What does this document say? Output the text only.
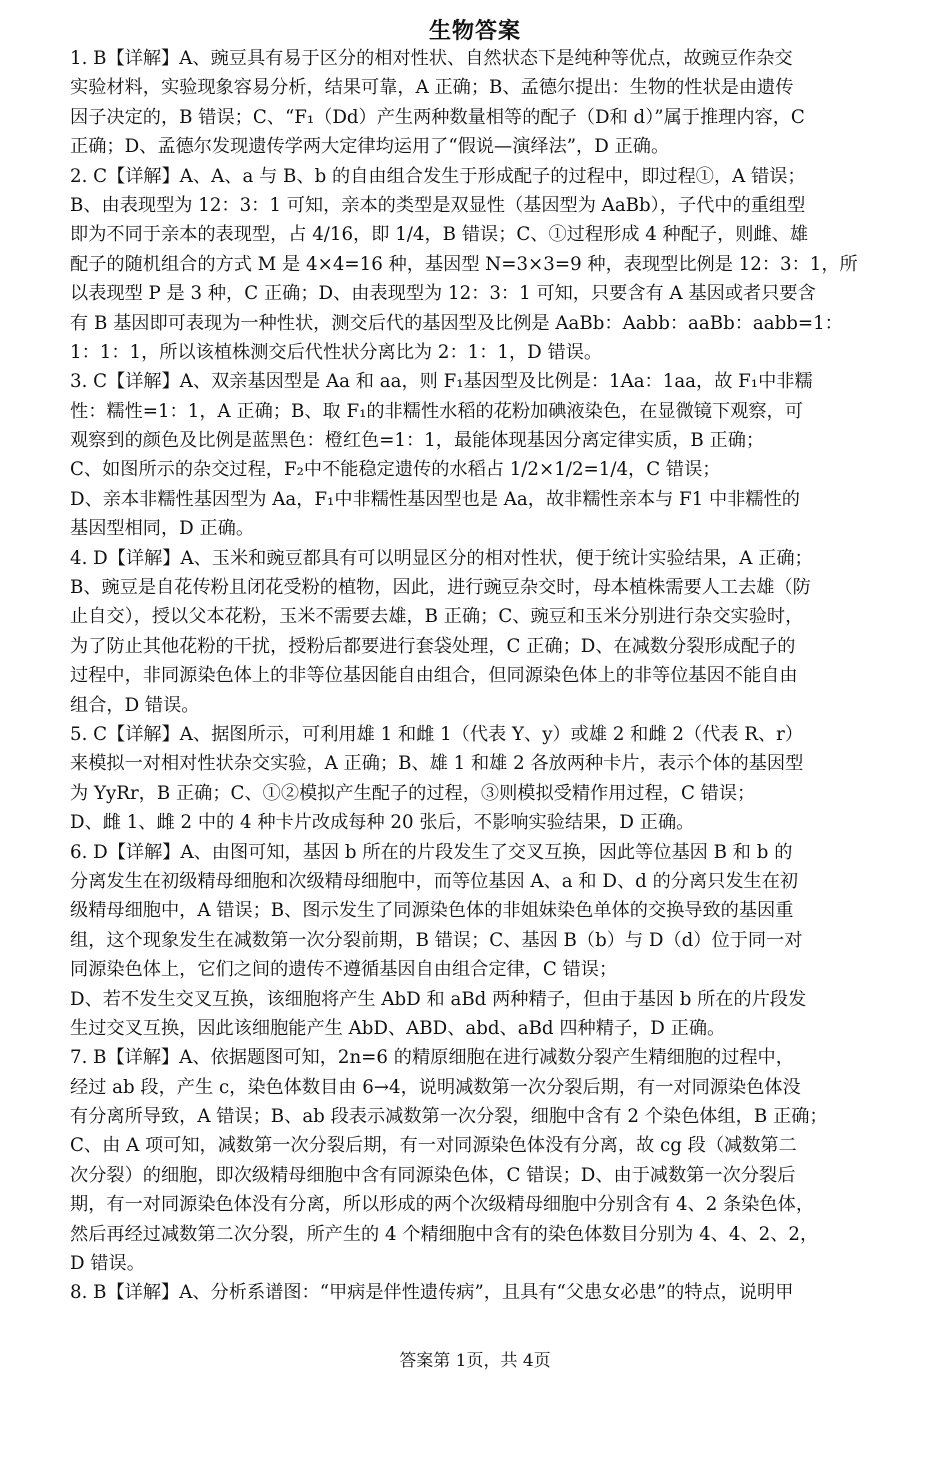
生物答案
1. B【详解】A、豌豆具有易于区分的相对性状、自然状态下是纯种等优点，故豌豆作杂交
实验材料，实验现象容易分析，结果可靠，A 正确；B、孟德尔提出：生物的性状是由遗传
因子决定的，B 错误；C、“F₁（Dd）产生两种数量相等的配子（D和 d）”属于推理内容，C
正确；D、孟德尔发现遗传学两大定律均运用了“假说—演绎法”，D 正确。
2. C【详解】A、A、a 与 B、b 的自由组合发生于形成配子的过程中，即过程①，A 错误；
B、由表现型为 12：3：1 可知，亲本的类型是双显性（基因型为 AaBb），子代中的重组型
即为不同于亲本的表现型，占 4/16，即 1/4，B 错误；C、①过程形成 4 种配子，则雌、雄
配子的随机组合的方式 M 是 4×4=16 种，基因型 N=3×3=9 种，表现型比例是 12：3：1，所
以表现型 P 是 3 种，C 正确；D、由表现型为 12：3：1 可知，只要含有 A 基因或者只要含
有 B 基因即可表现为一种性状，测交后代的基因型及比例是 AaBb：Aabb：aaBb：aabb=1：
1：1：1，所以该植株测交后代性状分离比为 2：1：1，D 错误。
3. C【详解】A、双亲基因型是 Aa 和 aa，则 F₁基因型及比例是：1Aa：1aa，故 F₁中非糯
性：糯性=1：1，A 正确；B、取 F₁的非糯性水稻的花粉加碘液染色，在显微镜下观察，可
观察到的颜色及比例是蓝黑色：橙红色=1：1，最能体现基因分离定律实质，B 正确；
C、如图所示的杂交过程，F₂中不能稳定遗传的水稻占 1/2×1/2=1/4，C 错误；
D、亲本非糯性基因型为 Aa，F₁中非糯性基因型也是 Aa，故非糯性亲本与 F1 中非糯性的
基因型相同，D 正确。
4. D【详解】A、玉米和豌豆都具有可以明显区分的相对性状，便于统计实验结果，A 正确；
B、豌豆是自花传粉且闭花受粉的植物，因此，进行豌豆杂交时，母本植株需要人工去雄（防
止自交），授以父本花粉，玉米不需要去雄，B 正确；C、豌豆和玉米分别进行杂交实验时，
为了防止其他花粉的干扰，授粉后都要进行套袋处理，C 正确；D、在减数分裂形成配子的
过程中，非同源染色体上的非等位基因能自由组合，但同源染色体上的非等位基因不能自由
组合，D 错误。
5. C【详解】A、据图所示，可利用雄 1 和雌 1（代表 Y、y）或雄 2 和雌 2（代表 R、r）
来模拟一对相对性状杂交实验，A 正确；B、雄 1 和雄 2 各放两种卡片，表示个体的基因型
为 YyRr，B 正确；C、①②模拟产生配子的过程，③则模拟受精作用过程，C 错误；
D、雌 1、雌 2 中的 4 种卡片改成每种 20 张后，不影响实验结果，D 正确。
6. D【详解】A、由图可知，基因 b 所在的片段发生了交叉互换，因此等位基因 B 和 b 的
分离发生在初级精母细胞和次级精母细胞中，而等位基因 A、a 和 D、d 的分离只发生在初
级精母细胞中，A 错误；B、图示发生了同源染色体的非姐妹染色单体的交换导致的基因重
组，这个现象发生在减数第一次分裂前期，B 错误；C、基因 B（b）与 D（d）位于同一对
同源染色体上，它们之间的遗传不遵循基因自由组合定律，C 错误；
D、若不发生交叉互换，该细胞将产生 AbD 和 aBd 两种精子，但由于基因 b 所在的片段发
生过交叉互换，因此该细胞能产生 AbD、ABD、abd、aBd 四种精子，D 正确。
7. B【详解】A、依据题图可知，2n=6 的精原细胞在进行减数分裂产生精细胞的过程中，
经过 ab 段，产生 c，染色体数目由 6→4，说明减数第一次分裂后期，有一对同源染色体没
有分离所导致，A 错误；B、ab 段表示减数第一次分裂，细胞中含有 2 个染色体组，B 正确；
C、由 A 项可知，减数第一次分裂后期，有一对同源染色体没有分离，故 cg 段（减数第二
次分裂）的细胞，即次级精母细胞中含有同源染色体，C 错误；D、由于减数第一次分裂后
期，有一对同源染色体没有分离，所以形成的两个次级精母细胞中分别含有 4、2 条染色体，
然后再经过减数第二次分裂，所产生的 4 个精细胞中含有的染色体数目分别为 4、4、2、2，
D 错误。
8. B【详解】A、分析系谱图：“甲病是伴性遗传病”，且具有“父患女必患”的特点，说明甲
答案第 1页，共 4页
